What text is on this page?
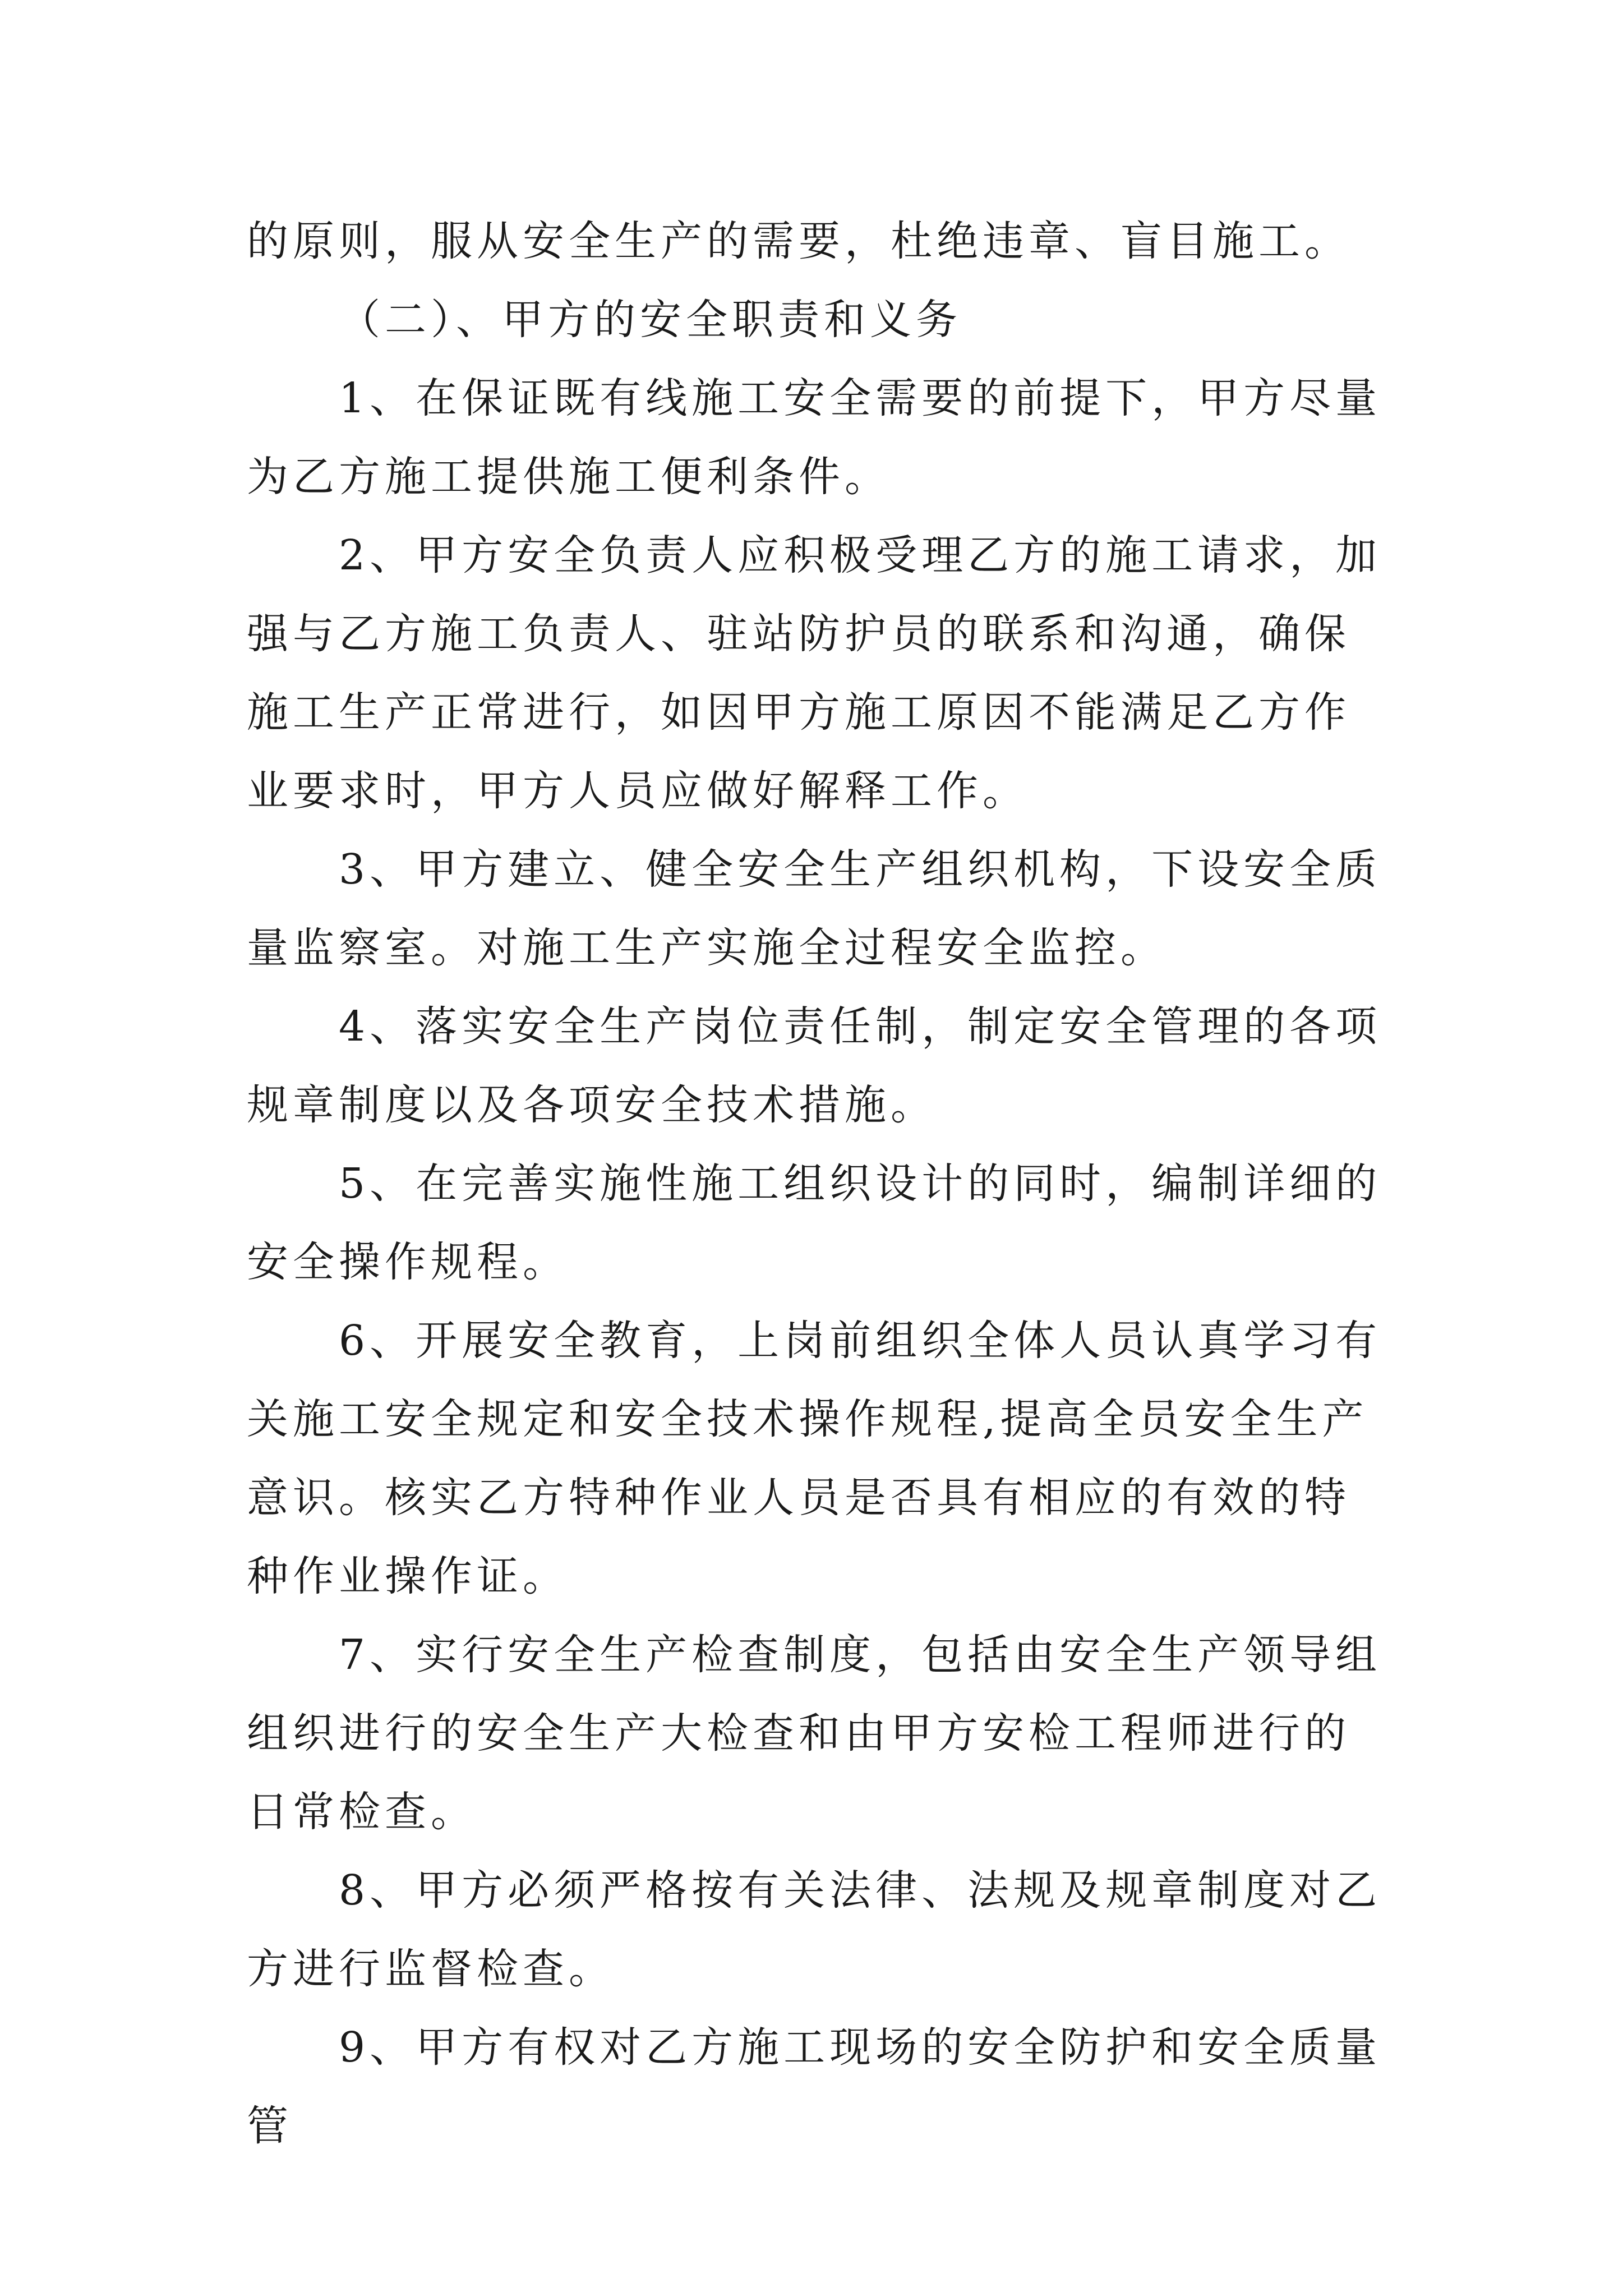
的原则，服从安全生产的需要，杜绝违章、盲目施工。

（二）、甲方的安全职责和义务

1、在保证既有线施工安全需要的前提下，甲方尽量为乙方施工提供施工便利条件。

2、甲方安全负责人应积极受理乙方的施工请求，加强与乙方施工负责人、驻站防护员的联系和沟通，确保施工生产正常进行，如因甲方施工原因不能满足乙方作业要求时，甲方人员应做好解释工作。

3、甲方建立、健全安全生产组织机构，下设安全质量监察室。对施工生产实施全过程安全监控。

4、落实安全生产岗位责任制，制定安全管理的各项规章制度以及各项安全技术措施。

5、在完善实施性施工组织设计的同时，编制详细的安全操作规程。

6、开展安全教育，上岗前组织全体人员认真学习有关施工安全规定和安全技术操作规程,提高全员安全生产意识。核实乙方特种作业人员是否具有相应的有效的特种作业操作证。

7、实行安全生产检查制度，包括由安全生产领导组组织进行的安全生产大检查和由甲方安检工程师进行的日常检查。

8、甲方必须严格按有关法律、法规及规章制度对乙方进行监督检查。

9、甲方有权对乙方施工现场的安全防护和安全质量管
